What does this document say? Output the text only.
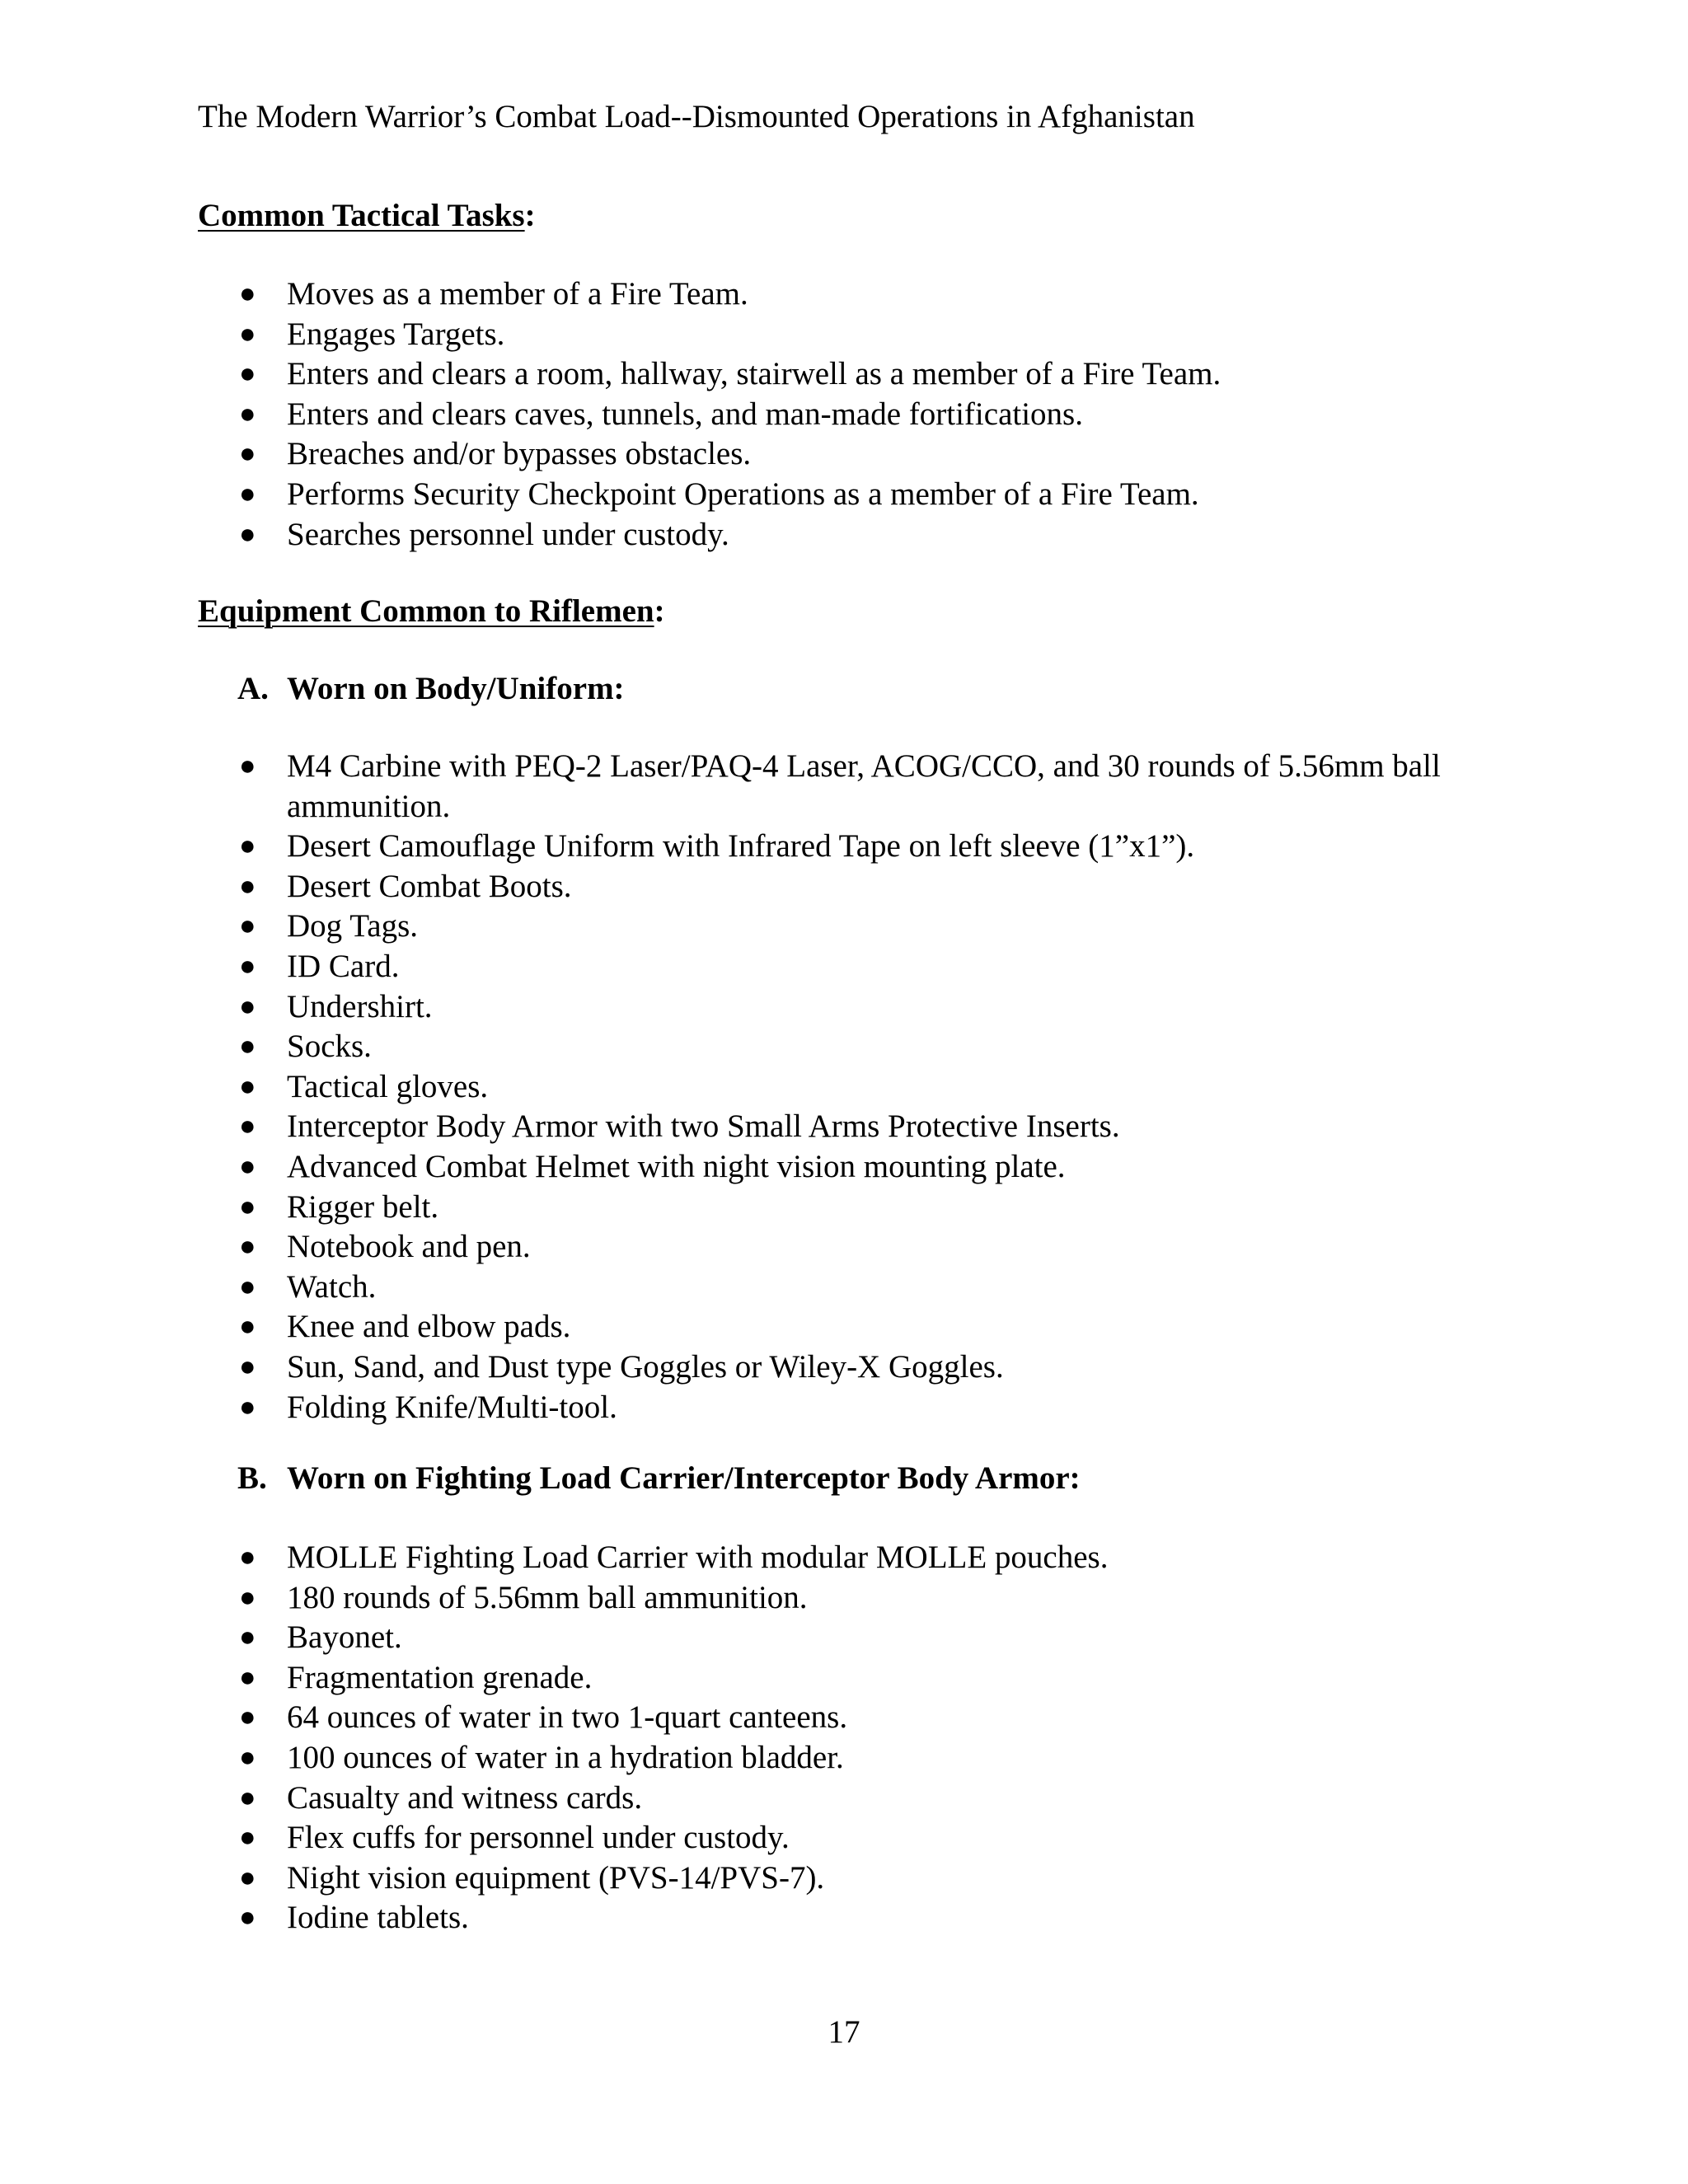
The Modern Warrior’s Combat Load--Dismounted Operations in Afghanistan
Common Tactical Tasks:
● Moves as a member of a Fire Team.
● Engages Targets.
● Enters and clears a room, hallway, stairwell as a member of a Fire Team.
● Enters and clears caves, tunnels, and man-made fortifications.
● Breaches and/or bypasses obstacles.
● Performs Security Checkpoint Operations as a member of a Fire Team.
● Searches personnel under custody.
Equipment Common to Riflemen:
A. Worn on Body/Uniform:
● M4 Carbine with PEQ-2 Laser/PAQ-4 Laser, ACOG/CCO, and 30 rounds of 5.56mm ball ammunition.
● Desert Camouflage Uniform with Infrared Tape on left sleeve (1”x1”).
● Desert Combat Boots.
● Dog Tags.
● ID Card.
● Undershirt.
● Socks.
● Tactical gloves.
● Interceptor Body Armor with two Small Arms Protective Inserts.
● Advanced Combat Helmet with night vision mounting plate.
● Rigger belt.
● Notebook and pen.
● Watch.
● Knee and elbow pads.
● Sun, Sand, and Dust type Goggles or Wiley-X Goggles.
● Folding Knife/Multi-tool.
B. Worn on Fighting Load Carrier/Interceptor Body Armor:
● MOLLE Fighting Load Carrier with modular MOLLE pouches.
● 180 rounds of 5.56mm ball ammunition.
● Bayonet.
● Fragmentation grenade.
● 64 ounces of water in two 1-quart canteens.
● 100 ounces of water in a hydration bladder.
● Casualty and witness cards.
● Flex cuffs for personnel under custody.
● Night vision equipment (PVS-14/PVS-7).
● Iodine tablets.
17
